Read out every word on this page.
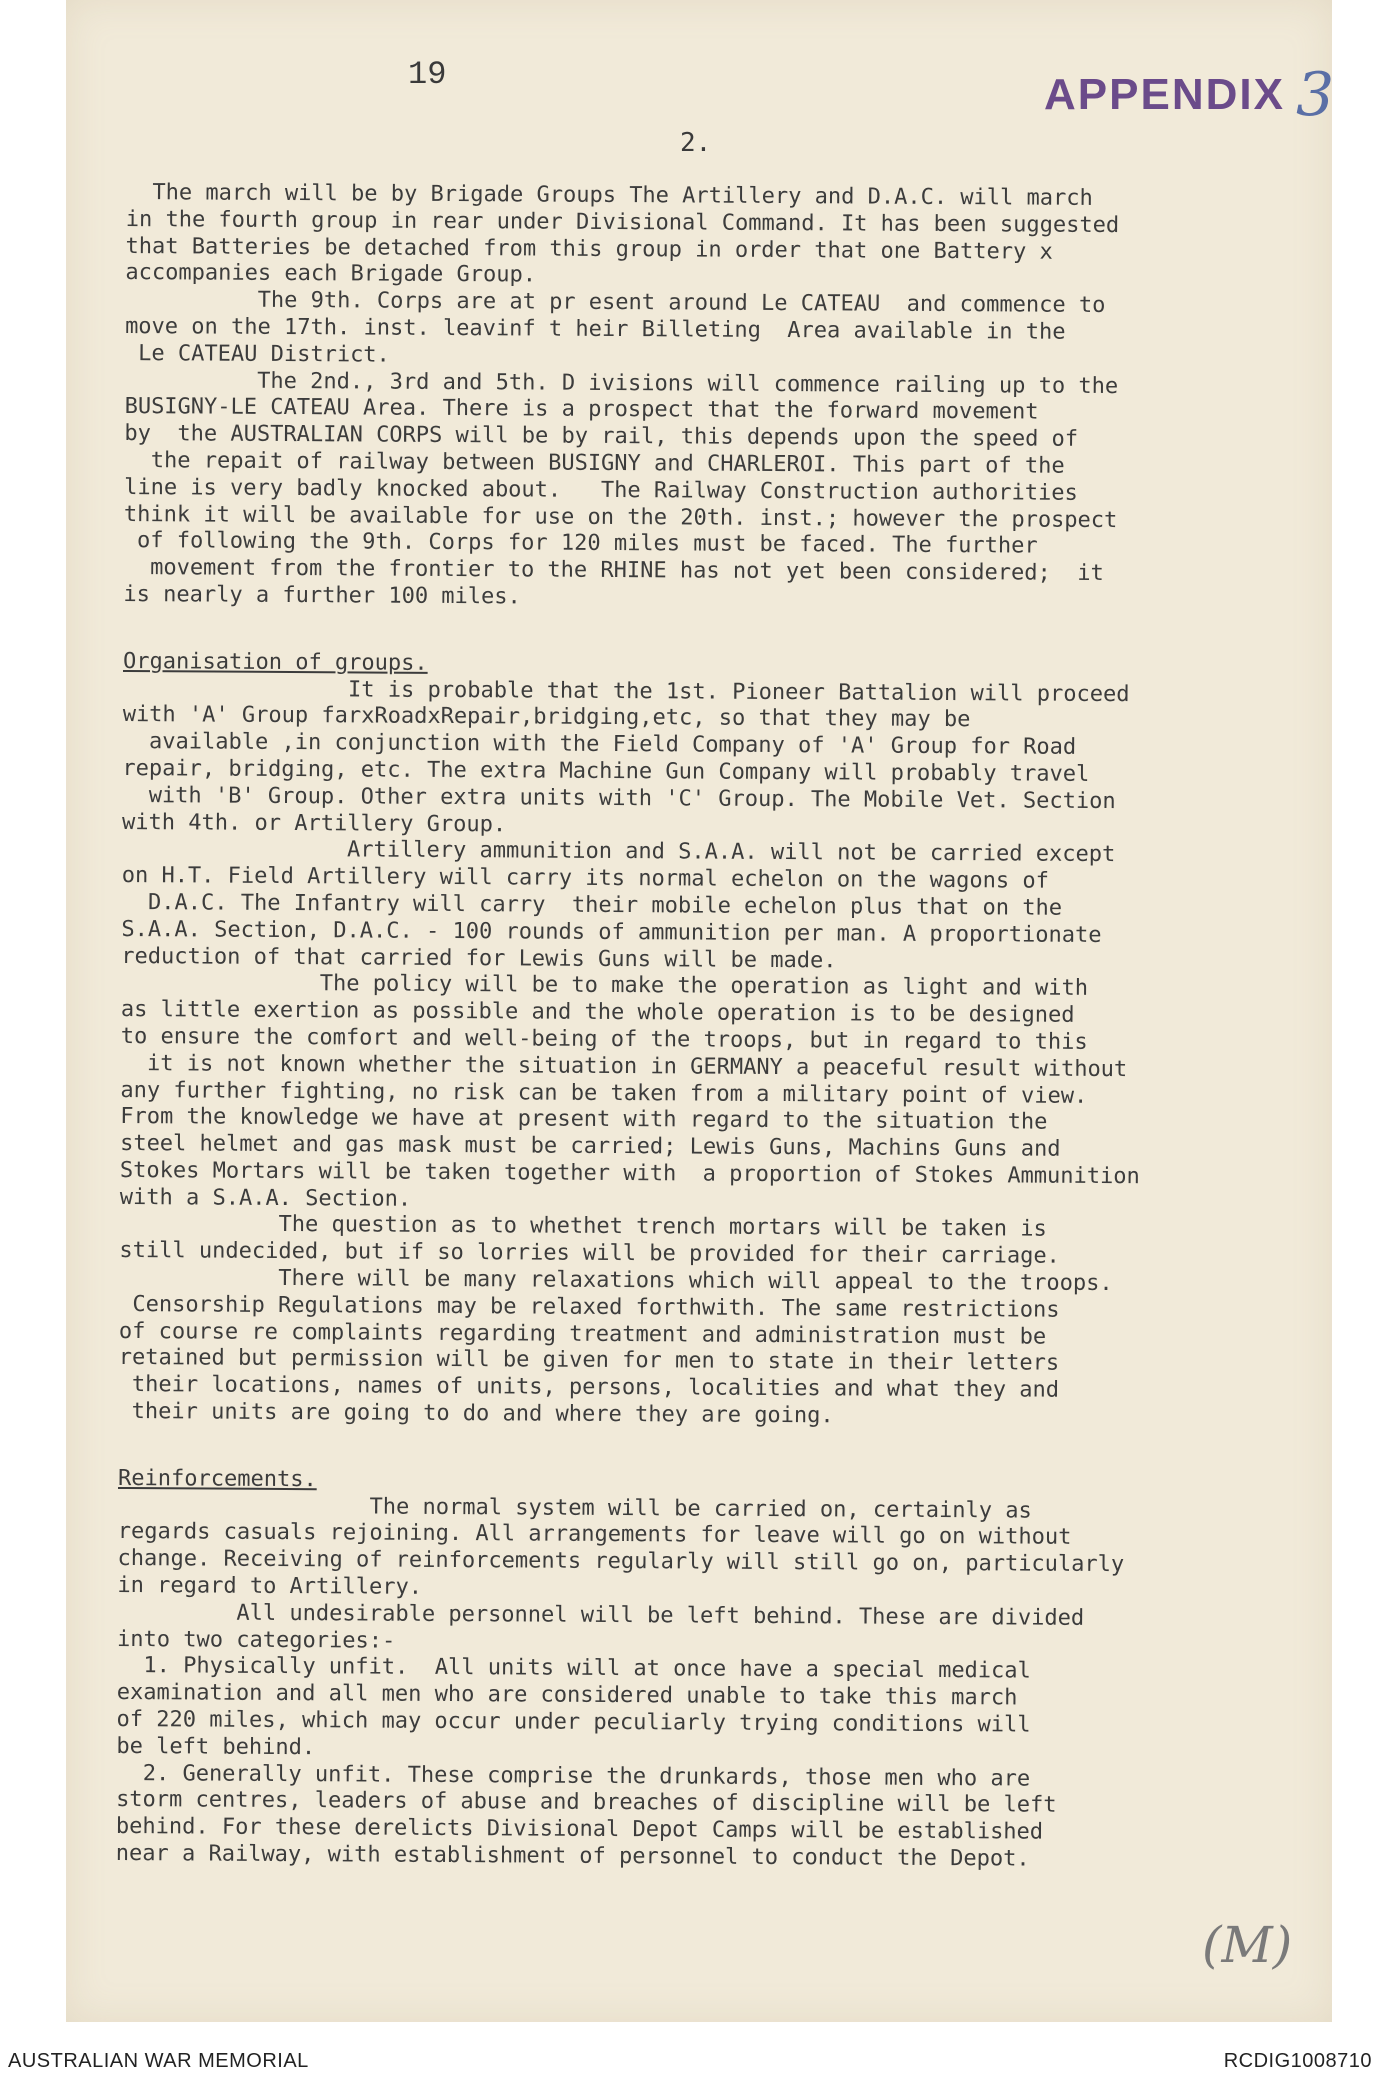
19	APPENDIX 3
2.
(M)
The march will be by Brigade Groups The Artillery and D.A.C. will march
in the fourth group in rear under Divisional Command. It has been suggested
that Batteries be detached from this group in order that one Battery x
accompanies each Brigade Group.
The 9th. Corps are at pr esent around Le CATEAU  and commence to
move on the 17th. inst. leavinf t heir Billeting  Area available in the
Le CATEAU District.
The 2nd., 3rd and 5th. D ivisions will commence railing up to the
BUSIGNY-LE CATEAU Area. There is a prospect that the forward movement
by  the AUSTRALIAN CORPS will be by rail, this depends upon the speed of
the repait of railway between BUSIGNY and CHARLEROI. This part of the
line is very badly knocked about.   The Railway Construction authorities
think it will be available for use on the 20th. inst.; however the prospect
of following the 9th. Corps for 120 miles must be faced. The further
movement from the frontier to the RHINE has not yet been considered;  it
is nearly a further 100 miles.
Organisation of groups.
It is probable that the 1st. Pioneer Battalion will proceed
with 'A' Group farxRoadxRepair,bridging,etc, so that they may be
available ,in conjunction with the Field Company of 'A' Group for Road
repair, bridging, etc. The extra Machine Gun Company will probably travel
with 'B' Group. Other extra units with 'C' Group. The Mobile Vet. Section
with 4th. or Artillery Group.
Artillery ammunition and S.A.A. will not be carried except
on H.T. Field Artillery will carry its normal echelon on the wagons of
D.A.C. The Infantry will carry  their mobile echelon plus that on the
S.A.A. Section, D.A.C. - 100 rounds of ammunition per man. A proportionate
reduction of that carried for Lewis Guns will be made.
The policy will be to make the operation as light and with
as little exertion as possible and the whole operation is to be designed
to ensure the comfort and well-being of the troops, but in regard to this
it is not known whether the situation in GERMANY a peaceful result without
any further fighting, no risk can be taken from a military point of view.
From the knowledge we have at present with regard to the situation the
steel helmet and gas mask must be carried; Lewis Guns, Machins Guns and
Stokes Mortars will be taken together with  a proportion of Stokes Ammunition
with a S.A.A. Section.
The question as to whethet trench mortars will be taken is
still undecided, but if so lorries will be provided for their carriage.
There will be many relaxations which will appeal to the troops.
Censorship Regulations may be relaxed forthwith. The same restrictions
of course re complaints regarding treatment and administration must be
retained but permission will be given for men to state in their letters
their locations, names of units, persons, localities and what they and
their units are going to do and where they are going.
Reinforcements.
The normal system will be carried on, certainly as
regards casuals rejoining. All arrangements for leave will go on without
change. Receiving of reinforcements regularly will still go on, particularly
in regard to Artillery.
All undesirable personnel will be left behind. These are divided
into two categories:-
1. Physically unfit.  All units will at once have a special medical
examination and all men who are considered unable to take this march
of 220 miles, which may occur under peculiarly trying conditions will
be left behind.
2. Generally unfit. These comprise the drunkards, those men who are
storm centres, leaders of abuse and breaches of discipline will be left
behind. For these derelicts Divisional Depot Camps will be established
near a Railway, with establishment of personnel to conduct the Depot.
AUSTRALIAN WAR MEMORIAL	RCDIG1008710
